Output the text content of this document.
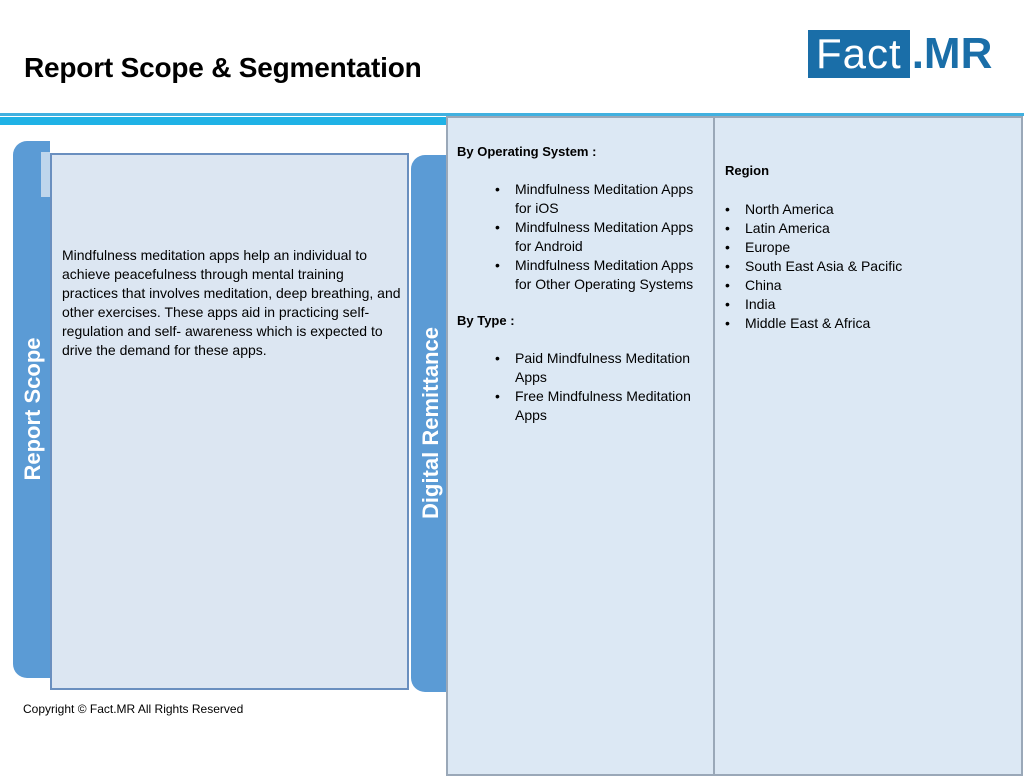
Report Scope & Segmentation	Fact .MR
Report Scope

Mindfulness meditation apps help an individual to achieve peacefulness through mental training practices that involves meditation, deep breathing, and other exercises. These apps aid in practicing self-regulation and self- awareness which is expected to drive the demand for these apps.	Digital Remittance

By Operating System :

• Mindfulness Meditation Apps for iOS
• Mindfulness Meditation Apps for Android
• Mindfulness Meditation Apps for Other Operating Systems

By Type :

• Paid Mindfulness Meditation Apps
• Free Mindfulness Meditation Apps

Region

• North America
• Latin America
• Europe
• South East Asia & Pacific
• China
• India
• Middle East & Africa
Copyright © Fact.MR All Rights Reserved
